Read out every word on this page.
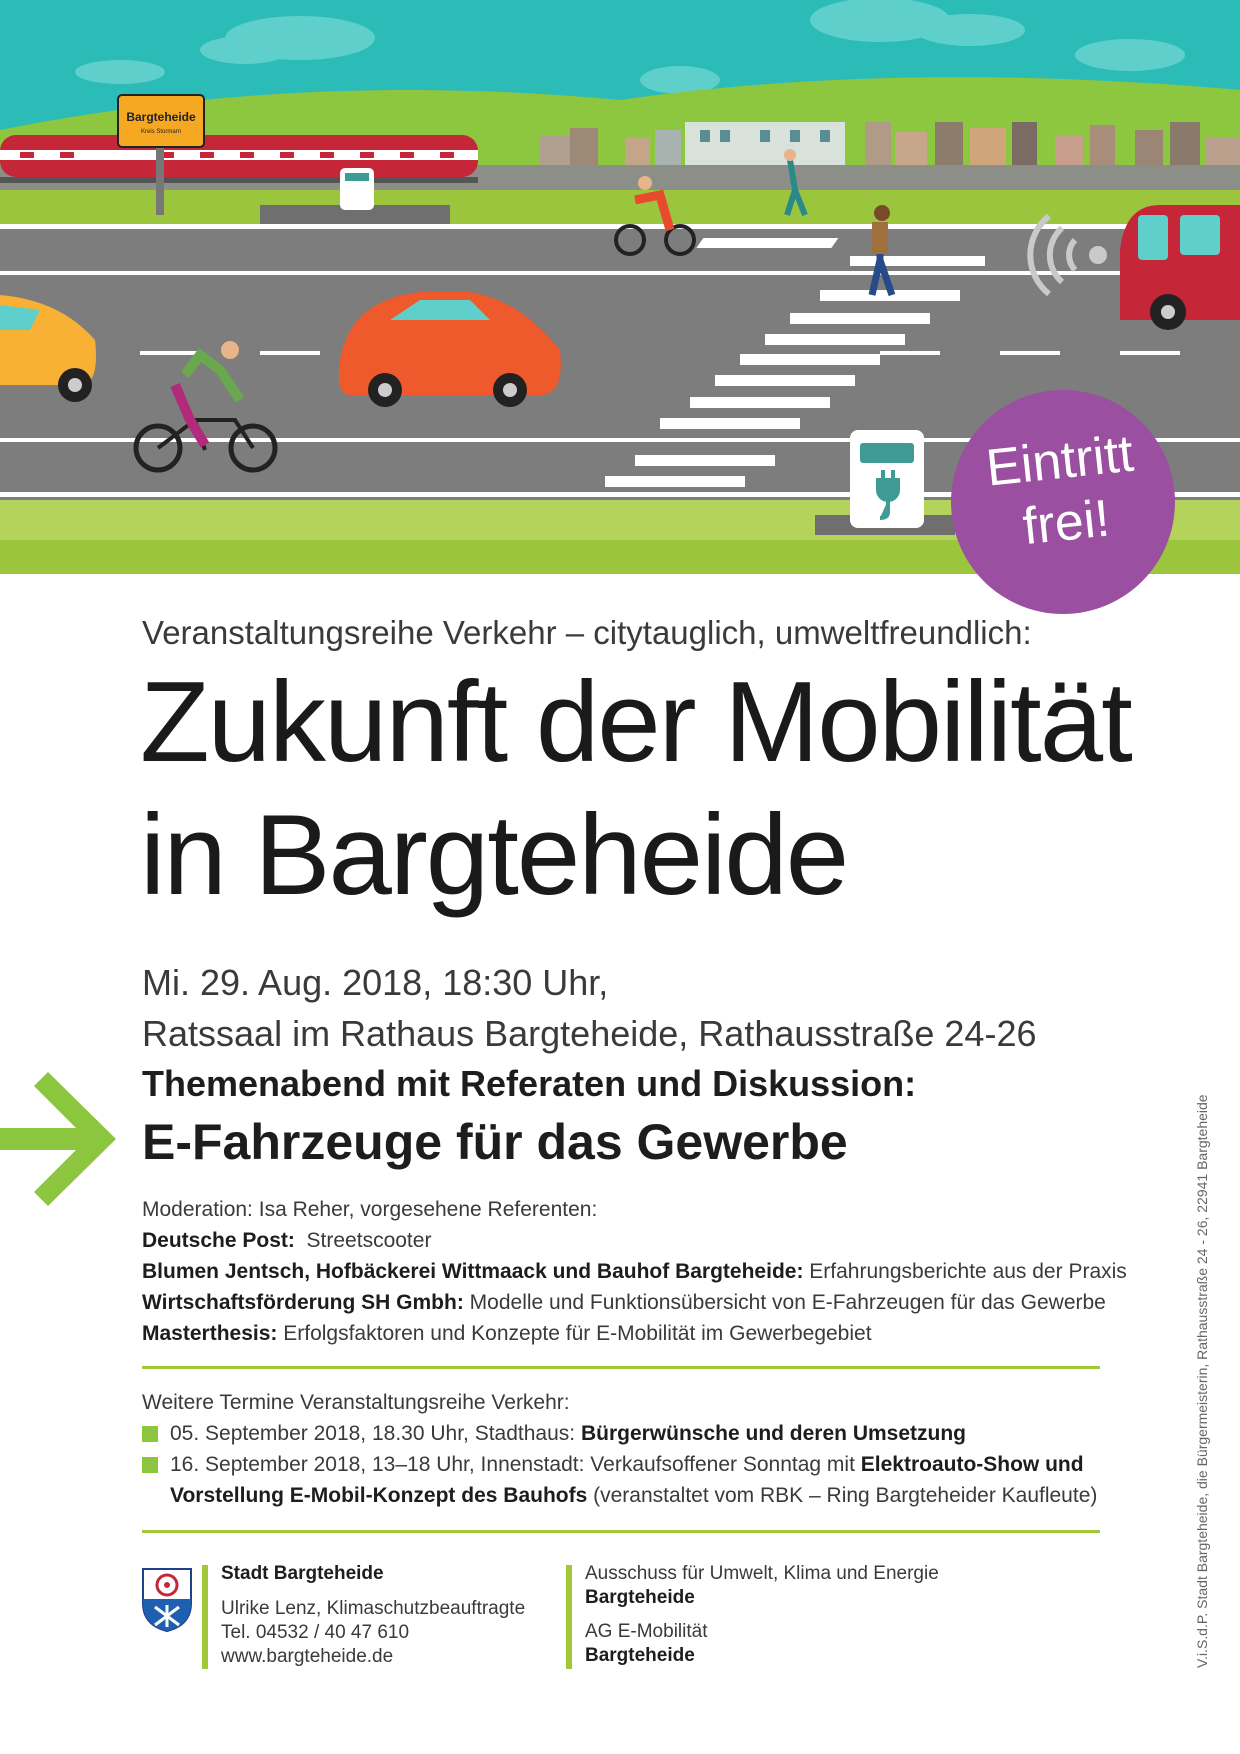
Bargteheide
Kreis Stormarn
Eintritt
frei!
Veranstaltungsreihe Verkehr – citytauglich, umweltfreundlich:
Zukunft der Mobilität
in Bargteheide
Mi. 29. Aug. 2018, 18:30 Uhr,
Ratssaal im Rathaus Bargteheide, Rathausstraße 24-26
Themenabend mit Referaten und Diskussion:
E-Fahrzeuge für das Gewerbe
Moderation: Isa Reher, vorgesehene Referenten:
Deutsche Post: Streetscooter
Blumen Jentsch, Hofbäckerei Wittmaack und Bauhof Bargteheide: Erfahrungsberichte aus der Praxis
Wirtschaftsförderung SH Gmbh: Modelle und Funktionsübersicht von E-Fahrzeugen für das Gewerbe
Masterthesis: Erfolgsfaktoren und Konzepte für E-Mobilität im Gewerbegebiet
Weitere Termine Veranstaltungsreihe Verkehr:
05. September 2018, 18.30 Uhr, Stadthaus: Bürgerwünsche und deren Umsetzung
16. September 2018, 13–18 Uhr, Innenstadt: Verkaufsoffener Sonntag mit Elektroauto-Show und
Vorstellung E-Mobil-Konzept des Bauhofs (veranstaltet vom RBK – Ring Bargteheider Kaufleute)
Stadt Bargteheide
Ulrike Lenz, Klimaschutzbeauftragte
Tel. 04532 / 40 47 610
www.bargteheide.de
Ausschuss für Umwelt, Klima und Energie
Bargteheide
AG E-Mobilität
Bargteheide	V.i.S.d.P. Stadt Bargteheide, die Bürgermeisterin, Rathausstraße 24 - 26, 22941 Bargteheide
